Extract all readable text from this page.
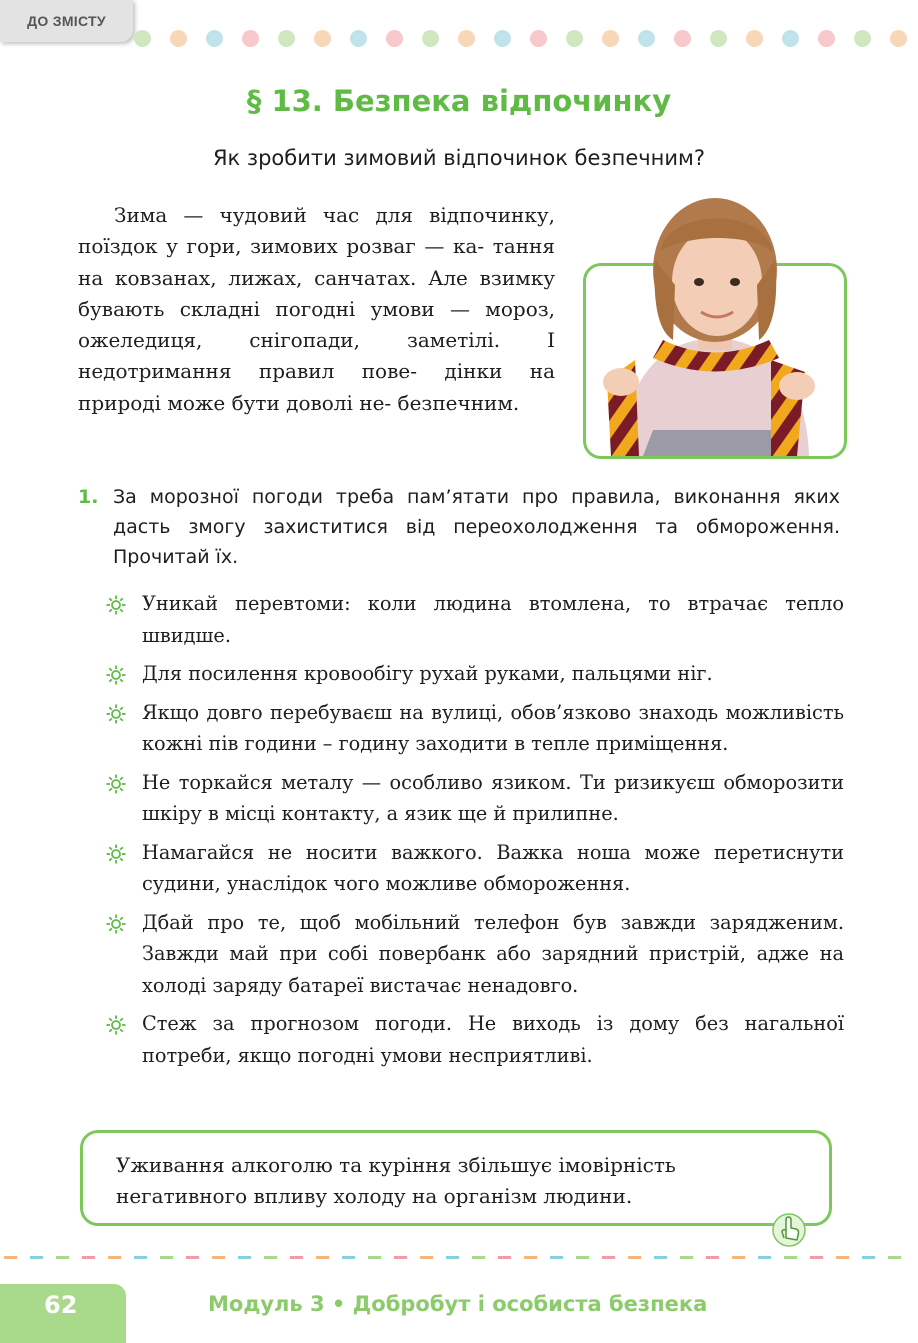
ДО ЗМІСТУ
§ 13. Безпека відпочинку
Як зробити зимовий відпочинок безпечним?

Зима — чудовий час для відпочинку, поїздок у гори, зимових розваг — ка- тання на ковзанах, лижах, санчатах. Але взимку бувають складні погодні умови — мороз, ожеледиця, снігопади, заметілі. І недотримання правил пове- дінки на природі може бути доволі не- безпечним.

1. За морозної погоди треба пам’ятати про правила, виконання яких дасть змогу захиститися від переохолодження та обмороження. Прочитай їх.
Уникай перевтоми: коли людина втомлена, то втрачає тепло швидше.
Для посилення кровообігу рухай руками, пальцями ніг.
Якщо довго перебуваєш на вулиці, обов’язково знаходь можливість кожні пів години – годину заходити в тепле приміщення.
Не торкайся металу — особливо язиком. Ти ризикуєш обморозити шкіру в місці контакту, а язик ще й прилипне.
Намагайся не носити важкого. Важка ноша може перетиснути судини, унаслідок чого можливе обмороження.
Дбай про те, щоб мобільний телефон був завжди зарядженим. Завжди май при собі повербанк або зарядний пристрій, адже на холоді заряду батареї вистачає ненадовго.
Стеж за прогнозом погоди. Не виходь із дому без нагальної потреби, якщо погодні умови несприятливі.

Уживання алкоголю та куріння збільшує імовірність
негативного впливу холоду на організм людини.

62	Модуль 3 • Добробут і особиста безпека
